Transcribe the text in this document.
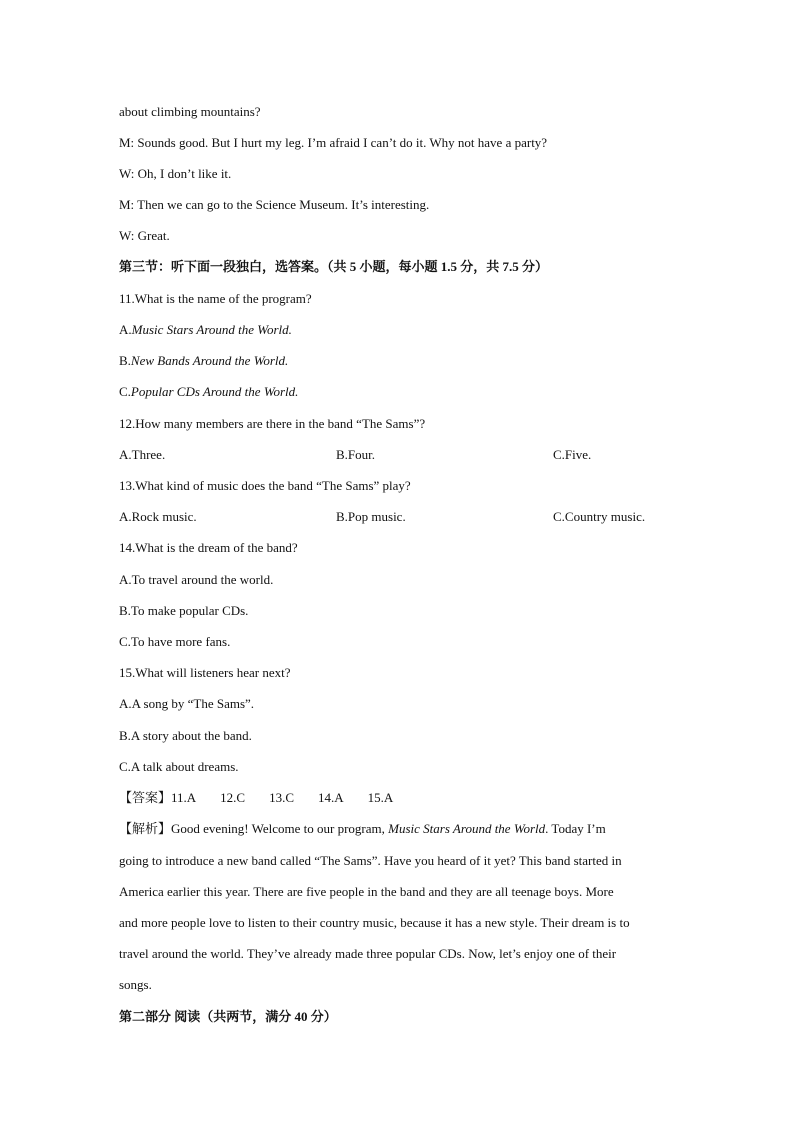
about climbing mountains?
M: Sounds good. But I hurt my leg. I’m afraid I can’t do it. Why not have a party?
W: Oh, I don’t like it.
M: Then we can go to the Science Museum. It’s interesting.
W: Great.
第三节：听下面一段独白，选答案。（共 5 小题，每小题 1.5 分，共 7.5 分）
11.What is the name of the program?
A.Music Stars Around the World.
B.New Bands Around the World.
C.Popular CDs Around the World.
12.How many members are there in the band “The Sams”?
A.Three.	B.Four.	C.Five.
13.What kind of music does the band “The Sams” play?
A.Rock music.	B.Pop music.	C.Country music.
14.What is the dream of the band?
A.To travel around the world.
B.To make popular CDs.
C.To have more fans.
15.What will listeners hear next?
A.A song by “The Sams”.
B.A story about the band.
C.A talk about dreams.
【答案】11.A 12.C 13.C 14.A 15.A
【解析】Good evening! Welcome to our program, Music Stars Around the World. Today I’m
going to introduce a new band called “The Sams”. Have you heard of it yet? This band started in
America earlier this year. There are five people in the band and they are all teenage boys. More
and more people love to listen to their country music, because it has a new style. Their dream is to
travel around the world. They’ve already made three popular CDs. Now, let’s enjoy one of their
songs.
第二部分 阅读（共两节，满分 40 分）
